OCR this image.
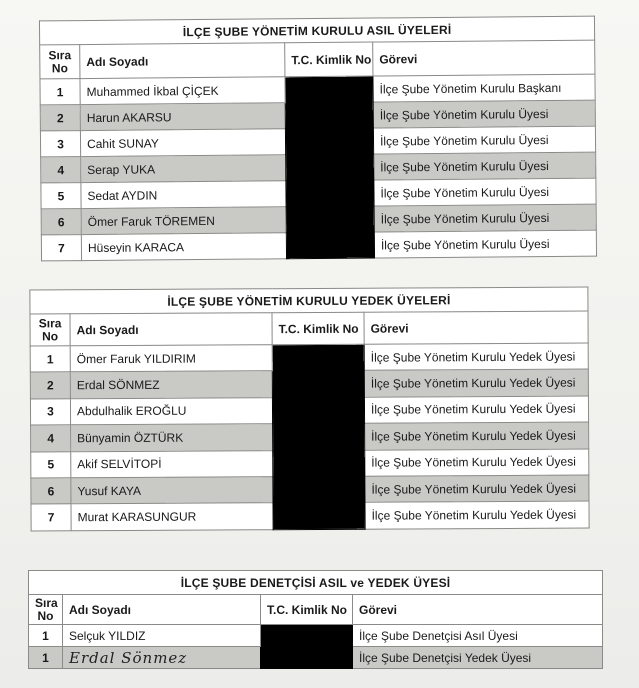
İLÇE ŞUBE YÖNETİM KURULU ASIL ÜYELERİ			
Sıra No	Adı Soyadı	T.C. Kimlik No	Görevi
1	Muhammed İkbal ÇİÇEK		İlçe Şube Yönetim Kurulu Başkanı
2	Harun AKARSU		İlçe Şube Yönetim Kurulu Üyesi
3	Cahit SUNAY		İlçe Şube Yönetim Kurulu Üyesi
4	Serap YUKA		İlçe Şube Yönetim Kurulu Üyesi
5	Sedat AYDIN		İlçe Şube Yönetim Kurulu Üyesi
6	Ömer Faruk TÖREMEN		İlçe Şube Yönetim Kurulu Üyesi
7	Hüseyin KARACA		İlçe Şube Yönetim Kurulu Üyesi
İLÇE ŞUBE YÖNETİM KURULU YEDEK ÜYELERİ			
Sıra No	Adı Soyadı	T.C. Kimlik No	Görevi
1	Ömer Faruk YILDIRIM		İlçe Şube Yönetim Kurulu Yedek Üyesi
2	Erdal SÖNMEZ		İlçe Şube Yönetim Kurulu Yedek Üyesi
3	Abdulhalik EROĞLU		İlçe Şube Yönetim Kurulu Yedek Üyesi
4	Bünyamin ÖZTÜRK		İlçe Şube Yönetim Kurulu Yedek Üyesi
5	Akif SELVİTOPİ		İlçe Şube Yönetim Kurulu Yedek Üyesi
6	Yusuf KAYA		İlçe Şube Yönetim Kurulu Yedek Üyesi
7	Murat KARASUNGUR		İlçe Şube Yönetim Kurulu Yedek Üyesi
İLÇE ŞUBE DENETÇİSİ ASIL ve YEDEK ÜYESİ			
Sıra No	Adı Soyadı	T.C. Kimlik No	Görevi
1	Selçuk YILDIZ		İlçe Şube Denetçisi Asıl Üyesi
1	Erdal Sönmez		İlçe Şube Denetçisi Yedek Üyesi
